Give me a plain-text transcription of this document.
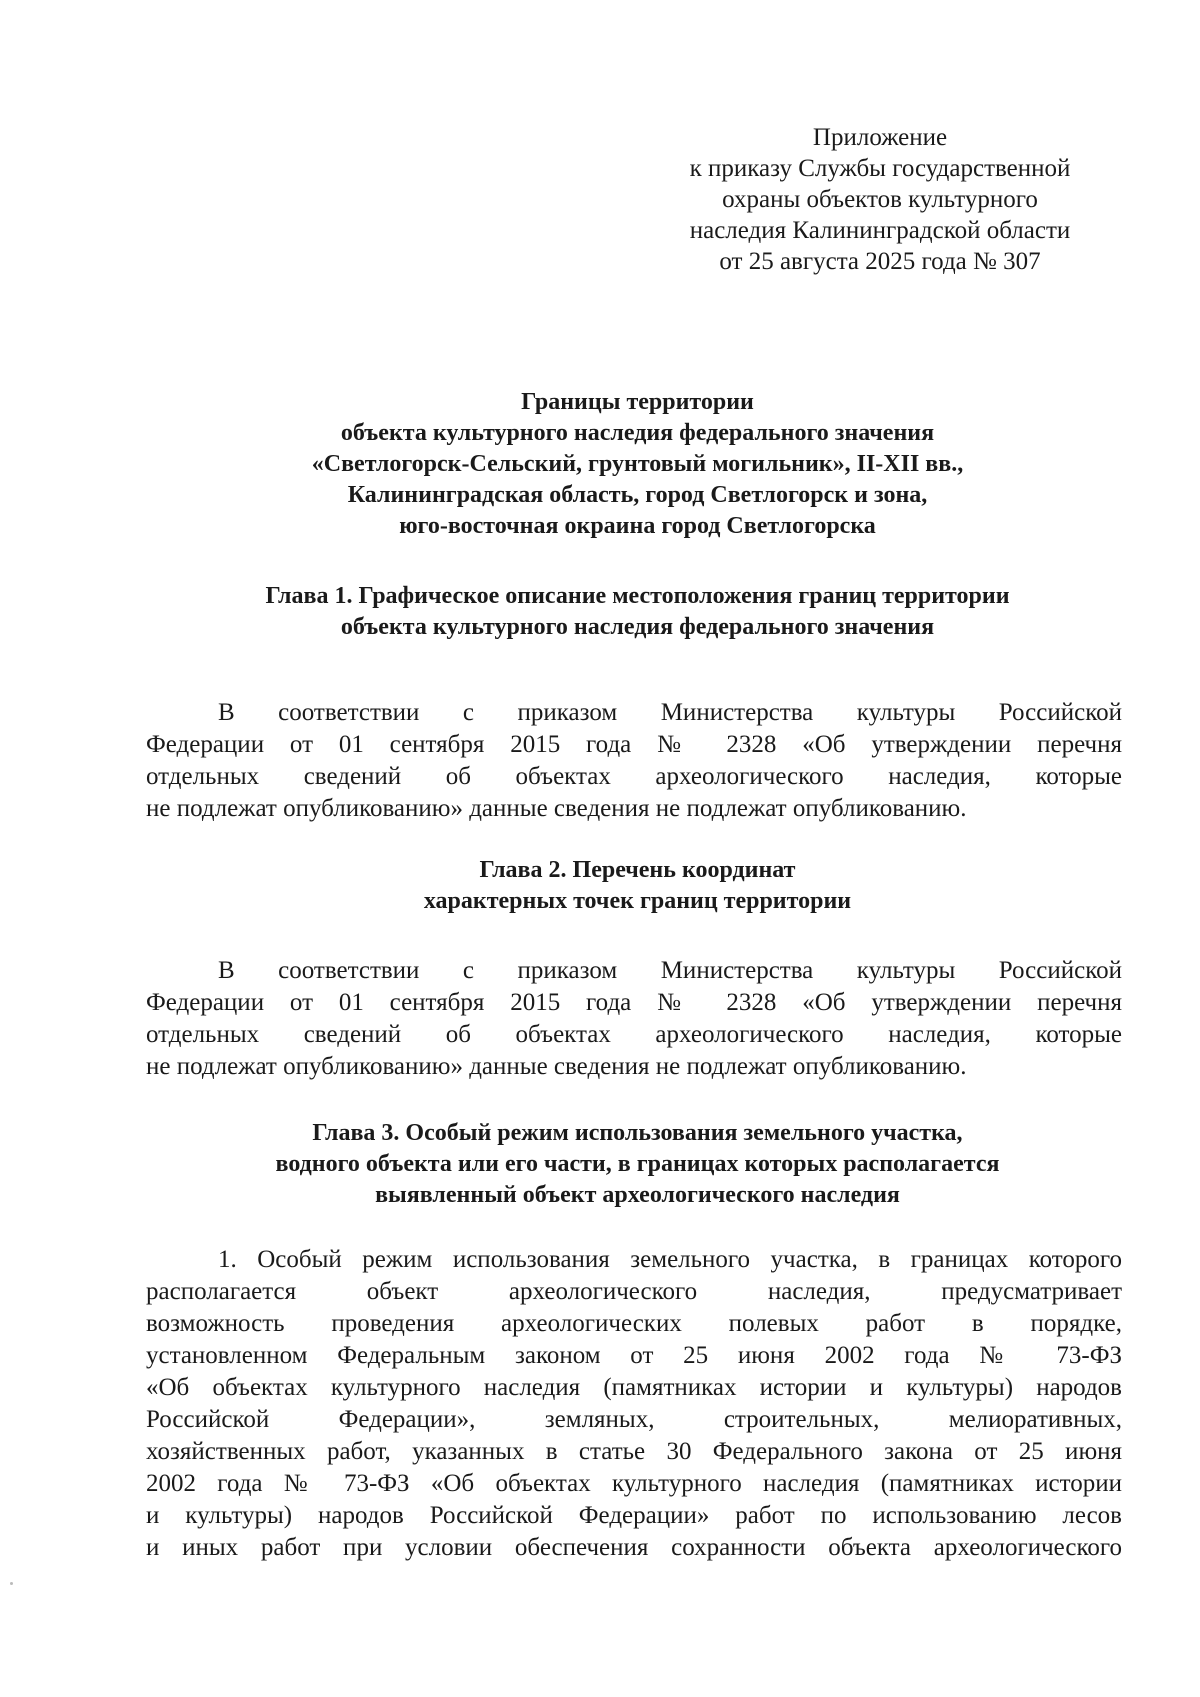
Приложение
к приказу Службы государственной
охраны объектов культурного
наследия Калининградской области
от 25 августа 2025 года № 307
Границы территории
объекта культурного наследия федерального значения
«Светлогорск-Сельский, грунтовый могильник», II-XII вв.,
Калининградская область, город Светлогорск и зона,
юго-восточная окраина город Светлогорска
Глава 1. Графическое описание местоположения границ территории
объекта культурного наследия федерального значения
В соответствии с приказом Министерства культуры Российской
Федерации от 01 сентября 2015 года № 2328 «Об утверждении перечня
отдельных сведений об объектах археологического наследия, которые
не подлежат опубликованию» данные сведения не подлежат опубликованию.
Глава 2. Перечень координат
характерных точек границ территории
В соответствии с приказом Министерства культуры Российской
Федерации от 01 сентября 2015 года № 2328 «Об утверждении перечня
отдельных сведений об объектах археологического наследия, которые
не подлежат опубликованию» данные сведения не подлежат опубликованию.
Глава 3. Особый режим использования земельного участка,
водного объекта или его части, в границах которых располагается
выявленный объект археологического наследия
1. Особый режим использования земельного участка, в границах которого
располагается объект археологического наследия, предусматривает
возможность проведения археологических полевых работ в порядке,
установленном Федеральным законом от 25 июня 2002 года № 73-ФЗ
«Об объектах культурного наследия (памятниках истории и культуры) народов
Российской Федерации», земляных, строительных, мелиоративных,
хозяйственных работ, указанных в статье 30 Федерального закона от 25 июня
2002 года № 73-ФЗ «Об объектах культурного наследия (памятниках истории
и культуры) народов Российской Федерации» работ по использованию лесов
и иных работ при условии обеспечения сохранности объекта археологического
